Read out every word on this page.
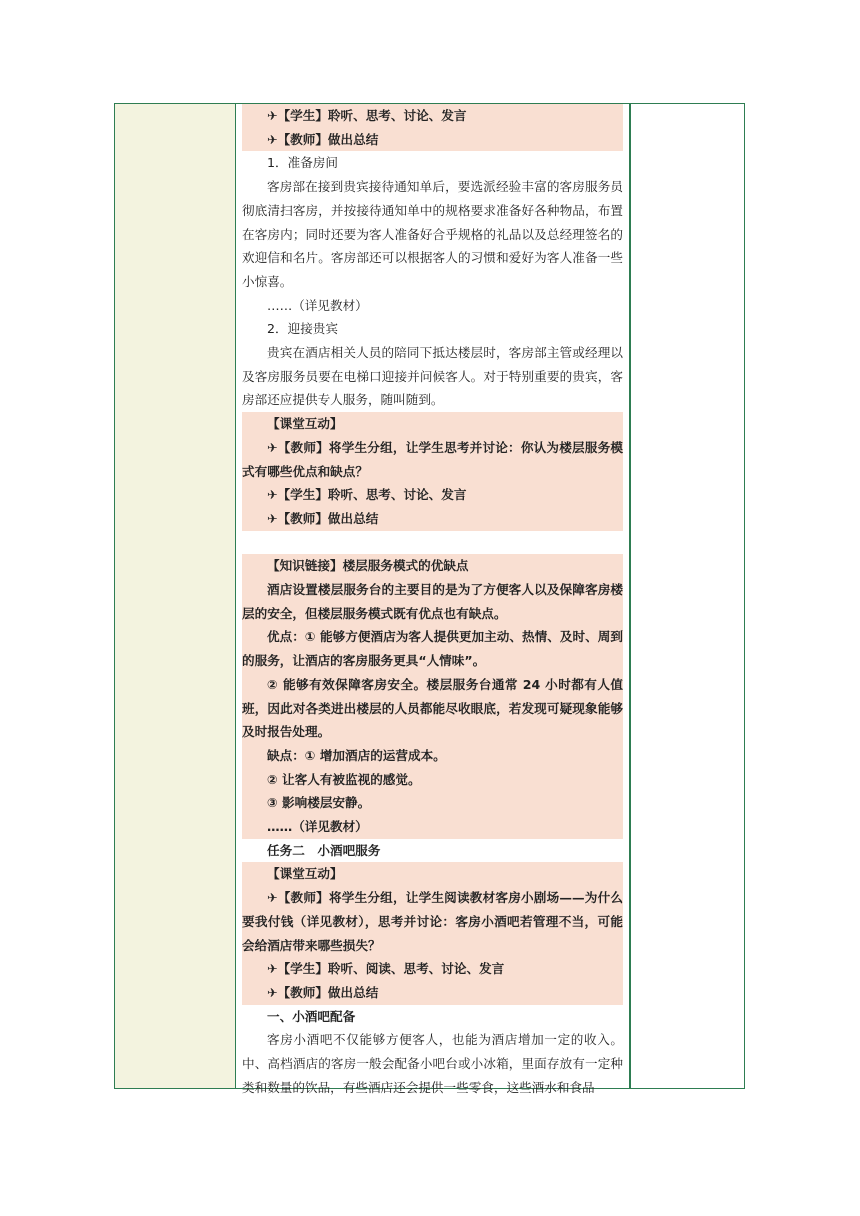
✈【学生】聆听、思考、讨论、发言
✈【教师】做出总结
1．准备房间
客房部在接到贵宾接待通知单后，要选派经验丰富的客房服务员彻底清扫客房，并按接待通知单中的规格要求准备好各种物品，布置在客房内；同时还要为客人准备好合乎规格的礼品以及总经理签名的欢迎信和名片。客房部还可以根据客人的习惯和爱好为客人准备一些小惊喜。
……（详见教材）
2．迎接贵宾
贵宾在酒店相关人员的陪同下抵达楼层时，客房部主管或经理以及客房服务员要在电梯口迎接并问候客人。对于特别重要的贵宾，客房部还应提供专人服务，随叫随到。
【课堂互动】
✈【教师】将学生分组，让学生思考并讨论：你认为楼层服务模式有哪些优点和缺点？
✈【学生】聆听、思考、讨论、发言
✈【教师】做出总结
【知识链接】楼层服务模式的优缺点
酒店设置楼层服务台的主要目的是为了方便客人以及保障客房楼层的安全，但楼层服务模式既有优点也有缺点。
优点：① 能够方便酒店为客人提供更加主动、热情、及时、周到的服务，让酒店的客房服务更具“人情味”。
② 能够有效保障客房安全。楼层服务台通常 24 小时都有人值班，因此对各类进出楼层的人员都能尽收眼底，若发现可疑现象能够及时报告处理。
缺点：① 增加酒店的运营成本。
② 让客人有被监视的感觉。
③ 影响楼层安静。
……（详见教材）
任务二　小酒吧服务
【课堂互动】
✈【教师】将学生分组，让学生阅读教材客房小剧场——为什么要我付钱（详见教材），思考并讨论：客房小酒吧若管理不当，可能会给酒店带来哪些损失？
✈【学生】聆听、阅读、思考、讨论、发言
✈【教师】做出总结
一、小酒吧配备
客房小酒吧不仅能够方便客人，也能为酒店增加一定的收入。中、高档酒店的客房一般会配备小吧台或小冰箱，里面存放有一定种类和数量的饮品，有些酒店还会提供一些零食，这些酒水和食品
